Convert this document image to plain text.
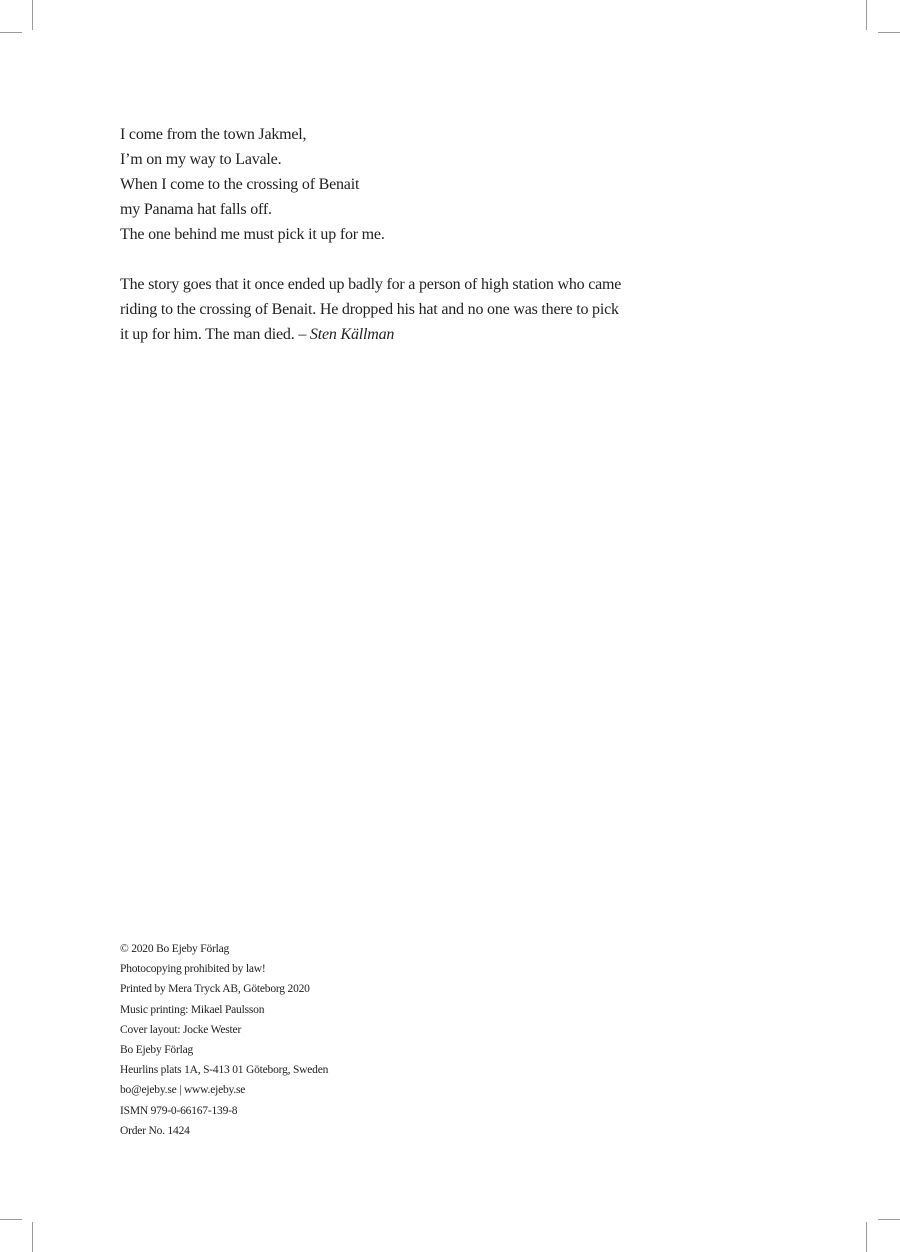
I come from the town Jakmel,
I’m on my way to Lavale.
When I come to the crossing of Benait
my Panama hat falls off.
The one behind me must pick it up for me.
The story goes that it once ended up badly for a person of high station who came
riding to the crossing of Benait. He dropped his hat and no one was there to pick
it up for him. The man died. – Sten Källman
© 2020 Bo Ejeby Förlag
Photocopying prohibited by law!
Printed by Mera Tryck AB, Göteborg 2020
Music printing: Mikael Paulsson
Cover layout: Jocke Wester
Bo Ejeby Förlag
Heurlins plats 1A, S-413 01 Göteborg, Sweden
bo@ejeby.se | www.ejeby.se
ISMN 979-0-66167-139-8
Order No. 1424
